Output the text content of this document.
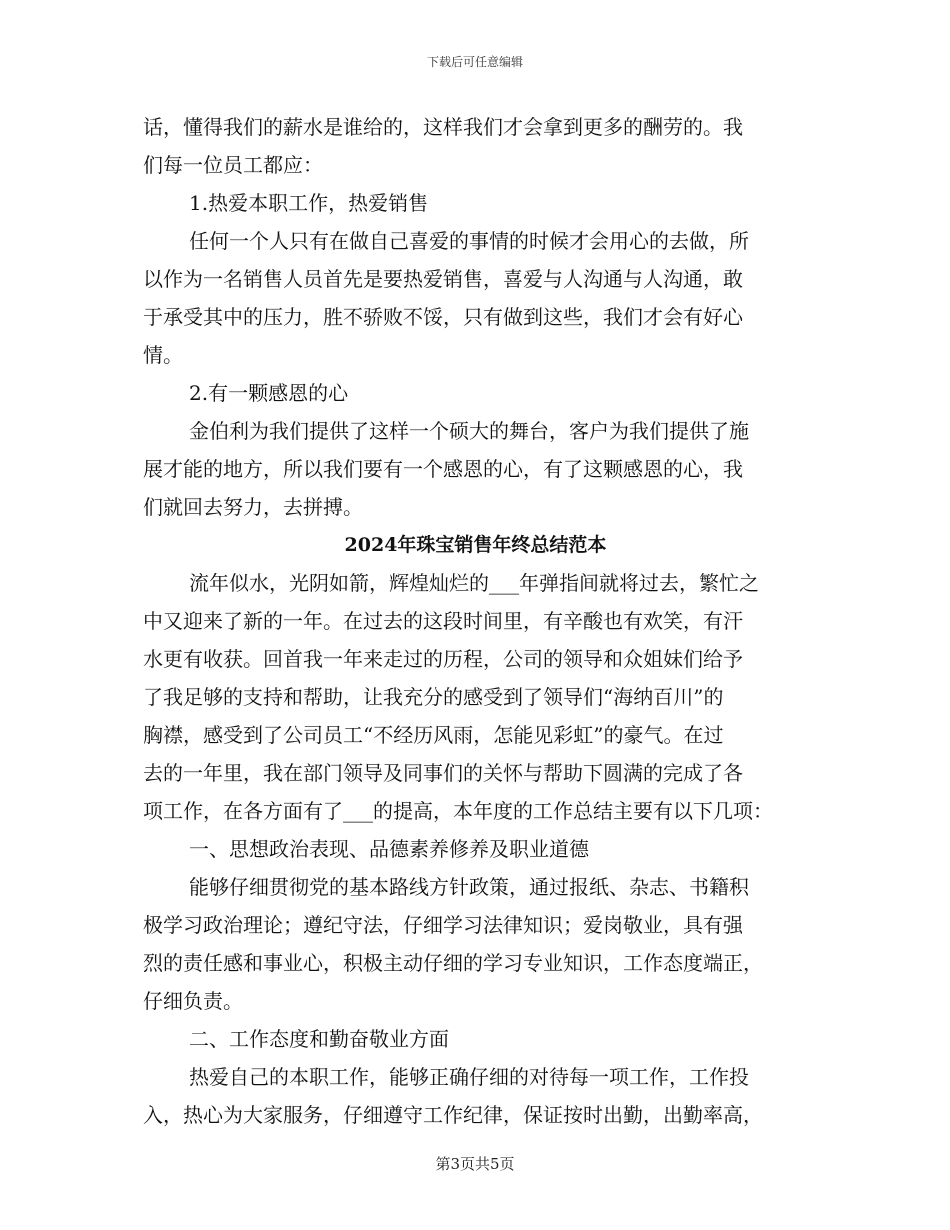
下载后可任意编辑
话，懂得我们的薪水是谁给的，这样我们才会拿到更多的酬劳的。我
们每一位员工都应：
1.热爱本职工作，热爱销售
任何一个人只有在做自己喜爱的事情的时候才会用心的去做，所
以作为一名销售人员首先是要热爱销售，喜爱与人沟通与人沟通，敢
于承受其中的压力，胜不骄败不馁，只有做到这些，我们才会有好心
情。
2.有一颗感恩的心
金伯利为我们提供了这样一个硕大的舞台，客户为我们提供了施
展才能的地方，所以我们要有一个感恩的心，有了这颗感恩的心，我
们就回去努力，去拼搏。
2024年珠宝销售年终总结范本
流年似水，光阴如箭，辉煌灿烂的___年弹指间就将过去，繁忙之
中又迎来了新的一年。在过去的这段时间里，有辛酸也有欢笑，有汗
水更有收获。回首我一年来走过的历程，公司的领导和众姐妹们给予
了我足够的支持和帮助，让我充分的感受到了领导们“海纳百川”的
胸襟，感受到了公司员工“不经历风雨，怎能见彩虹”的豪气。在过
去的一年里，我在部门领导及同事们的关怀与帮助下圆满的完成了各
项工作，在各方面有了___的提高，本年度的工作总结主要有以下几项：
一、思想政治表现、品德素养修养及职业道德
能够仔细贯彻党的基本路线方针政策，通过报纸、杂志、书籍积
极学习政治理论；遵纪守法，仔细学习法律知识；爱岗敬业，具有强
烈的责任感和事业心，积极主动仔细的学习专业知识，工作态度端正，
仔细负责。
二、工作态度和勤奋敬业方面
热爱自己的本职工作，能够正确仔细的对待每一项工作，工作投
入，热心为大家服务，仔细遵守工作纪律，保证按时出勤，出勤率高，
第3页共5页
